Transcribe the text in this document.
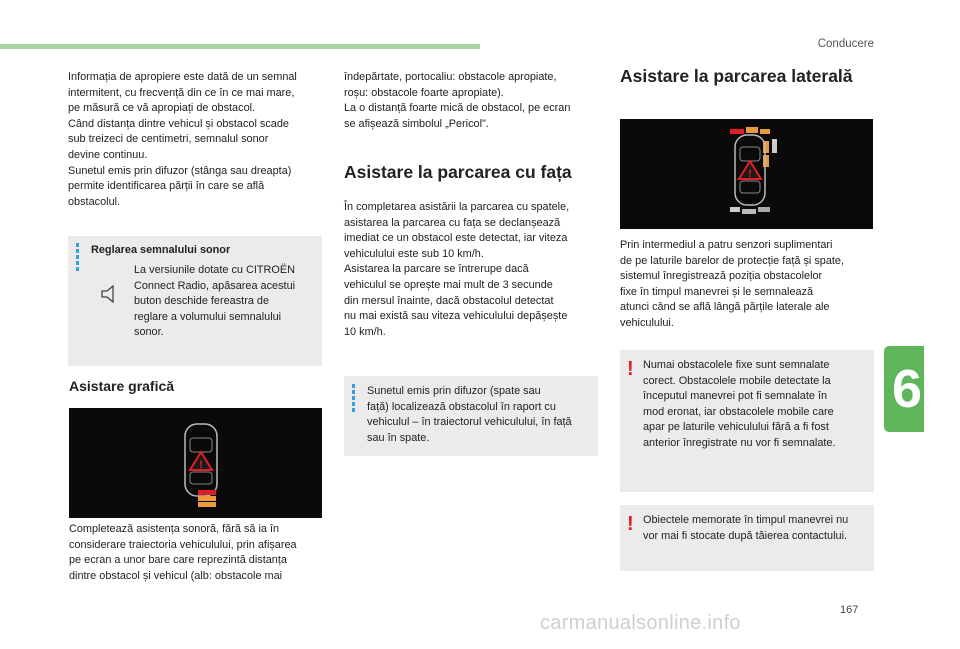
Conducere
Informația de apropiere este dată de un semnal
intermitent, cu frecvență din ce în ce mai mare,
pe măsură ce vă apropiați de obstacol.
Când distanța dintre vehicul și obstacol scade
sub treizeci de centimetri, semnalul sonor
devine continuu.
Sunetul emis prin difuzor (stânga sau dreapta)
permite identificarea părții în care se află
obstacolul.
Reglarea semnalului sonor
La versiunile dotate cu CITROËN
Connect Radio, apăsarea acestui
buton deschide fereastra de
reglare a volumului semnalului
sonor.
Asistare grafică
!
Completează asistența sonoră, fără să ia în
considerare traiectoria vehiculului, prin afișarea
pe ecran a unor bare care reprezintă distanța
dintre obstacol și vehicul (alb: obstacole mai
îndepărtate, portocaliu: obstacole apropiate,
roșu: obstacole foarte apropiate).
La o distanță foarte mică de obstacol, pe ecran
se afișează simbolul „Pericol".
Asistare la parcarea cu fața
În completarea asistării la parcarea cu spatele,
asistarea la parcarea cu fața se declanșează
imediat ce un obstacol este detectat, iar viteza
vehiculului este sub 10 km/h.
Asistarea la parcare se întrerupe dacă
vehiculul se oprește mai mult de 3 secunde
din mersul înainte, dacă obstacolul detectat
nu mai există sau viteza vehiculului depășește
10 km/h.
Sunetul emis prin difuzor (spate sau
față) localizează obstacolul în raport cu
vehiculul – în traiectorul vehiculului, în față
sau în spate.
Asistare la parcarea laterală
!
Prin intermediul a patru senzori suplimentari
de pe laturile barelor de protecție față și spate,
sistemul înregistrează poziția obstacolelor
fixe în timpul manevrei și le semnalează
atunci când se află lângă părțile laterale ale
vehiculului.
! Numai obstacolele fixe sunt semnalate
corect. Obstacolele mobile detectate la
începutul manevrei pot fi semnalate în
mod eronat, iar obstacolele mobile care
apar pe laturile vehiculului fără a fi fost
anterior înregistrate nu vor fi semnalate.
! Obiectele memorate în timpul manevrei nu
vor mai fi stocate după tăierea contactului.
6
167
carmanualsonline.info
